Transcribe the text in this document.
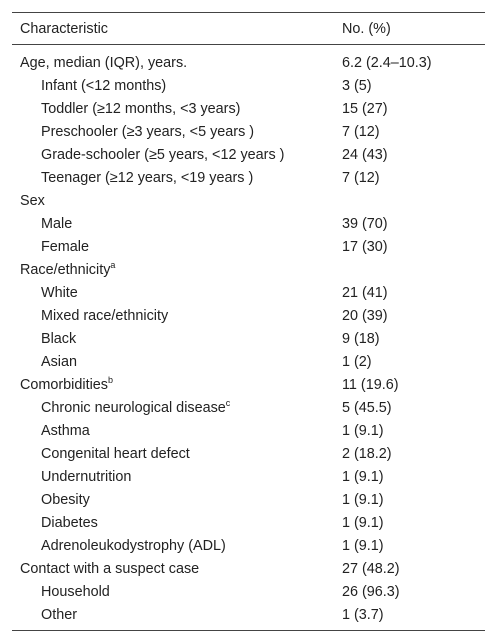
Characteristic	No. (%)
Age, median (IQR), years.	6.2 (2.4–10.3)
Infant (<12 months)	3 (5)
Toddler (≥12 months, <3 years)	15 (27)
Preschooler (≥3 years, <5 years )	7 (12)
Grade-schooler (≥5 years, <12 years )	24 (43)
Teenager (≥12 years, <19 years )	7 (12)
Sex
Male	39 (70)
Female	17 (30)
Race/ethnicity$^a$
White	21 (41)
Mixed race/ethnicity	20 (39)
Black	9 (18)
Asian	1 (2)
Comorbidities$^b$	11 (19.6)
Chronic neurological disease$^c$	5 (45.5)
Asthma	1 (9.1)
Congenital heart defect	2 (18.2)
Undernutrition	1 (9.1)
Obesity	1 (9.1)
Diabetes	1 (9.1)
Adrenoleukodystrophy (ADL)	1 (9.1)
Contact with a suspect case	27 (48.2)
Household	26 (96.3)
Other	1 (3.7)
